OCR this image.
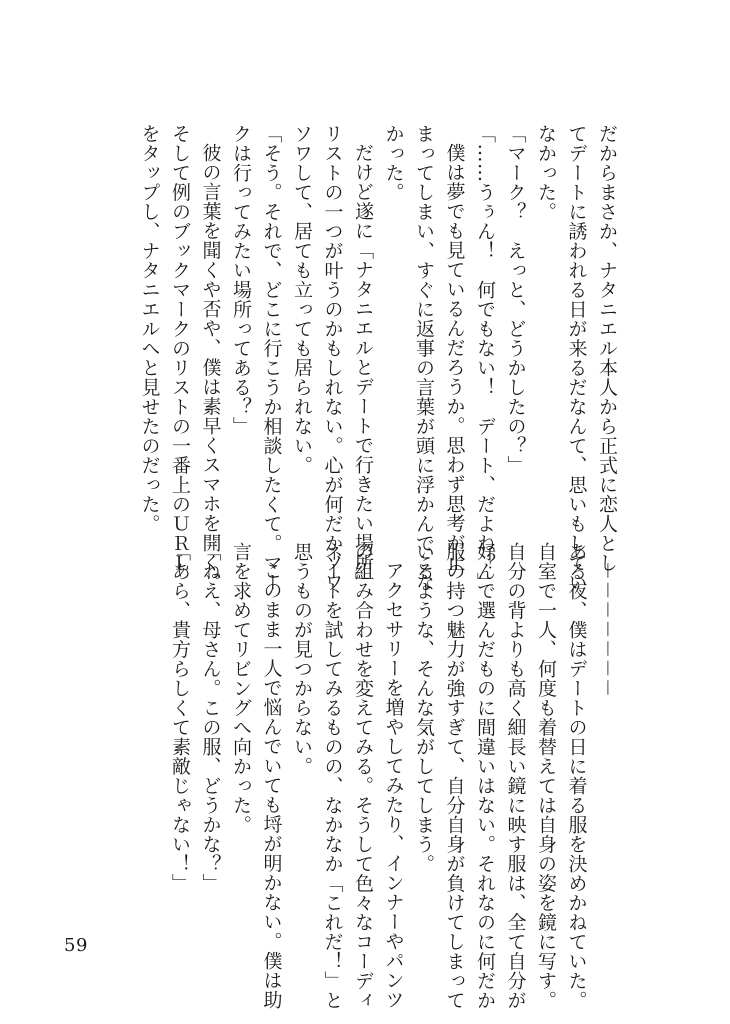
だからまさか、ナタニエル本人から正式に恋人とし

てデートに誘われる日が来るだなんて、思いもしてい

なかった。

「マーク？　えっと、どうかしたの？」

「……うぅん！　何でもない！　デート、だよね？」

僕は夢でも見ているんだろうか。思わず思考が止

まってしまい、すぐに返事の言葉が頭に浮かんでこな

かった。

だけど遂に「ナタニエルとデートで行きたい場所」

リストの一つが叶うのかもしれない。心が何だかソワ

ソワして、居ても立っても居られない。

「そう。それで、どこに行こうか相談したくて。マー

クは行ってみたい場所ってある？」

彼の言葉を聞くや否や、僕は素早くスマホを開く。

そして例のブックマークのリストの一番上のＵＲＬ

をタップし、ナタニエルへと見せたのだった。

－－－－－－－

ある夜、僕はデートの日に着る服を決めかねていた。

自室で一人、何度も着替えては自身の姿を鏡に写す。

自分の背よりも高く細長い鏡に映す服は、全て自分が

好んで選んだものに間違いはない。それなのに何だか

服の持つ魅力が強すぎて、自分自身が負けてしまって

いるような、そんな気がしてしまう。

アクセサリーを増やしてみたり、インナーやパンツ

の組み合わせを変えてみる。そうして色々なコーディ

ネートを試してみるものの、なかなか「これだ！」と

思うものが見つからない。

このまま一人で悩んでいても埒が明かない。僕は助

言を求めてリビングへ向かった。

「ねえ、母さん。この服、どうかな？」

「あら、貴方らしくて素敵じゃない！」

59
